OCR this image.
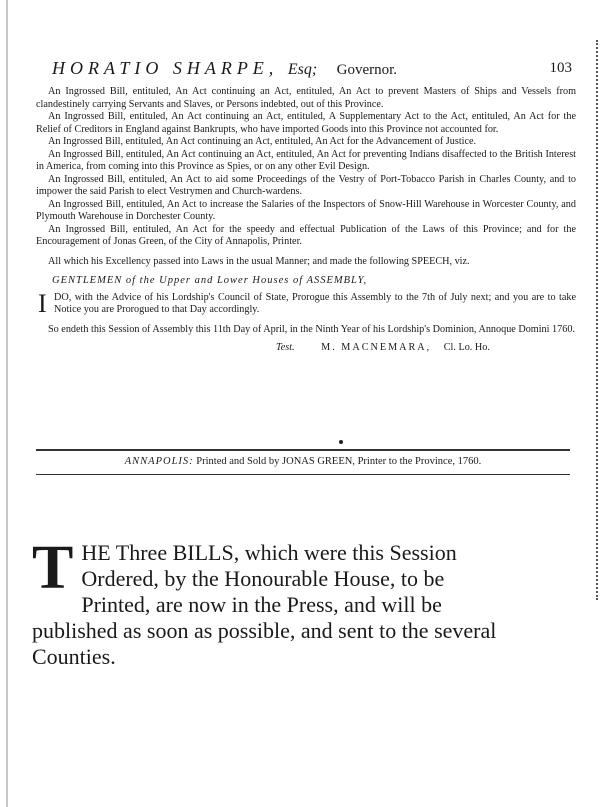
HORATIO SHARPE, Esq; Governor.	103

An Ingrossed Bill, entituled, An Act continuing an Act, entituled, An Act to prevent Masters of Ships and Vessels from clandestinely carrying Servants and Slaves, or Persons indebted, out of this Province.

An Ingrossed Bill, entituled, An Act continuing an Act, entituled, A Supplementary Act to the Act, entituled, An Act for the Relief of Creditors in England against Bankrupts, who have imported Goods into this Province not accounted for.

An Ingrossed Bill, entituled, An Act continuing an Act, entituled, An Act for the Advancement of Justice.

An Ingrossed Bill, entituled, An Act continuing an Act, entituled, An Act for preventing Indians disaffected to the British Interest in America, from coming into this Province as Spies, or on any other Evil Design.

An Ingrossed Bill, entituled, An Act to aid some Proceedings of the Vestry of Port-Tobacco Parish in Charles County, and to impower the said Parish to elect Vestrymen and Church-wardens.

An Ingrossed Bill, entituled, An Act to increase the Salaries of the Inspectors of Snow-Hill Warehouse in Worcester County, and Plymouth Warehouse in Dorchester County.

An Ingrossed Bill, entituled, An Act for the speedy and effectual Publication of the Laws of this Province; and for the Encouragement of Jonas Green, of the City of Annapolis, Printer.

All which his Excellency passed into Laws in the usual Manner; and made the following SPEECH, viz.

GENTLEMEN of the Upper and Lower Houses of ASSEMBLY,

I DO, with the Advice of his Lordship's Council of State, Prorogue this Assembly to the 7th of July next; and you are to take Notice you are Prorogued to that Day accordingly.

So endeth this Session of Assembly this 11th Day of April, in the Ninth Year of his Lordship's Dominion, Annoque Domini 1760.

Test.	M. MACNEMARA, Cl. Lo. Ho.
ANNAPOLIS: Printed and Sold by JONAS GREEN, Printer to the Province, 1760.
T HE Three BILLS, which were this Session Ordered, by the Honourable House, to be Printed, are now in the Press, and will be published as soon as possible, and sent to the several Counties.
